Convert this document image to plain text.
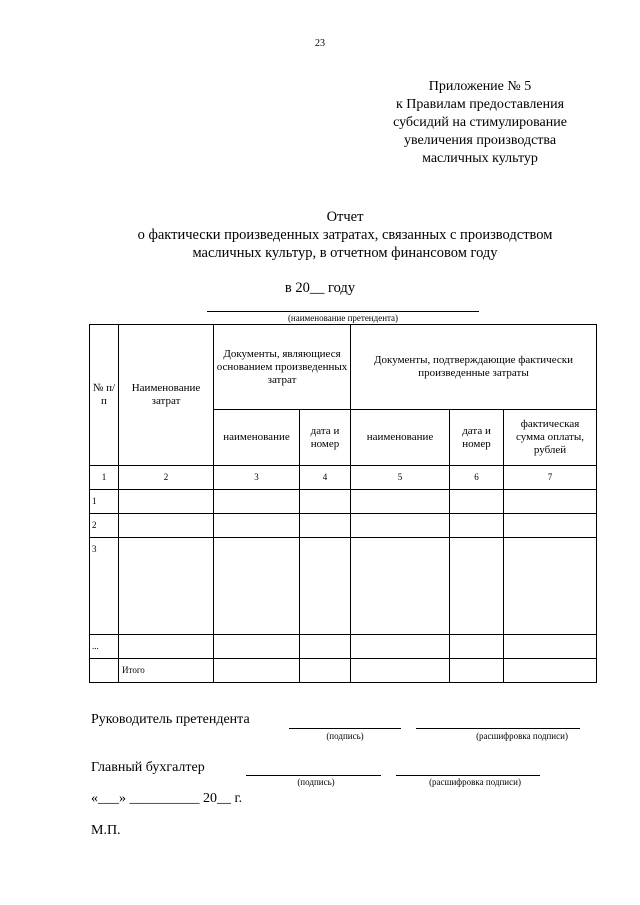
23
Приложение № 5
к Правилам предоставления
субсидий на стимулирование
увеличения производства
масличных культур
Отчет
о фактически произведенных затратах, связанных с производством
масличных культур, в отчетном финансовом году
в 20__ году
(наименование претендента)
№ п/п	Наименование затрат	Документы, являющиеся основанием произведенных затрат		Документы, подтверждающие фактически произведенные затраты		
		наименование	дата и номер	наименование	дата и номер	фактическая сумма оплаты, рублей
1	2	3	4	5	6	7
1						
2						
3						
...						
	Итого					
Руководитель претендента
(подпись)	(расшифровка подписи)
Главный бухгалтер
(подпись)	(расшифровка подписи)
«___» __________ 20__ г.
М.П.
